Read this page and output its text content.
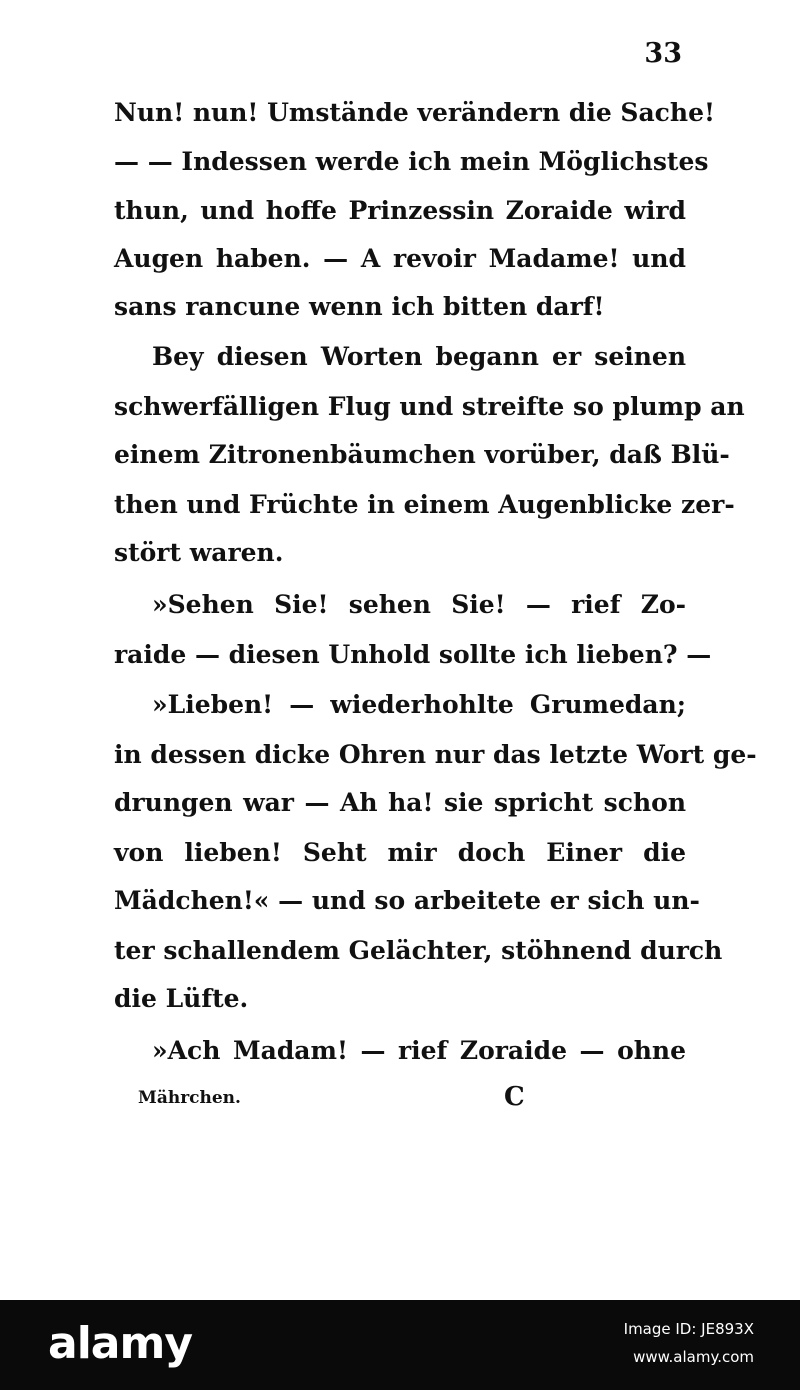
33
Nun! nun! Umstände verändern die Sache!
— — Indessen werde ich mein Möglichstes
thun, und hoffe Prinzessin Zoraide wird
Augen haben. — A revoir Madame! und
sans rancune wenn ich bitten darf!
Bey diesen Worten begann er seinen
schwerfälligen Flug und streifte so plump an
einem Zitronenbäumchen vorüber, daß Blü-
then und Früchte in einem Augenblicke zer-
stört waren.
»Sehen Sie! sehen Sie! — rief Zo-
raide — diesen Unhold sollte ich lieben? —
»Lieben! — wiederhohlte Grumedan;
in dessen dicke Ohren nur das letzte Wort ge-
drungen war — Ah ha! sie spricht schon
von lieben! Seht mir doch Einer die
Mädchen!« — und so arbeitete er sich un-
ter schallendem Gelächter, stöhnend durch
die Lüfte.
»Ach Madam! — rief Zoraide — ohne
Mährchen.	C
alamy	Image ID: JE893X
www.alamy.com
